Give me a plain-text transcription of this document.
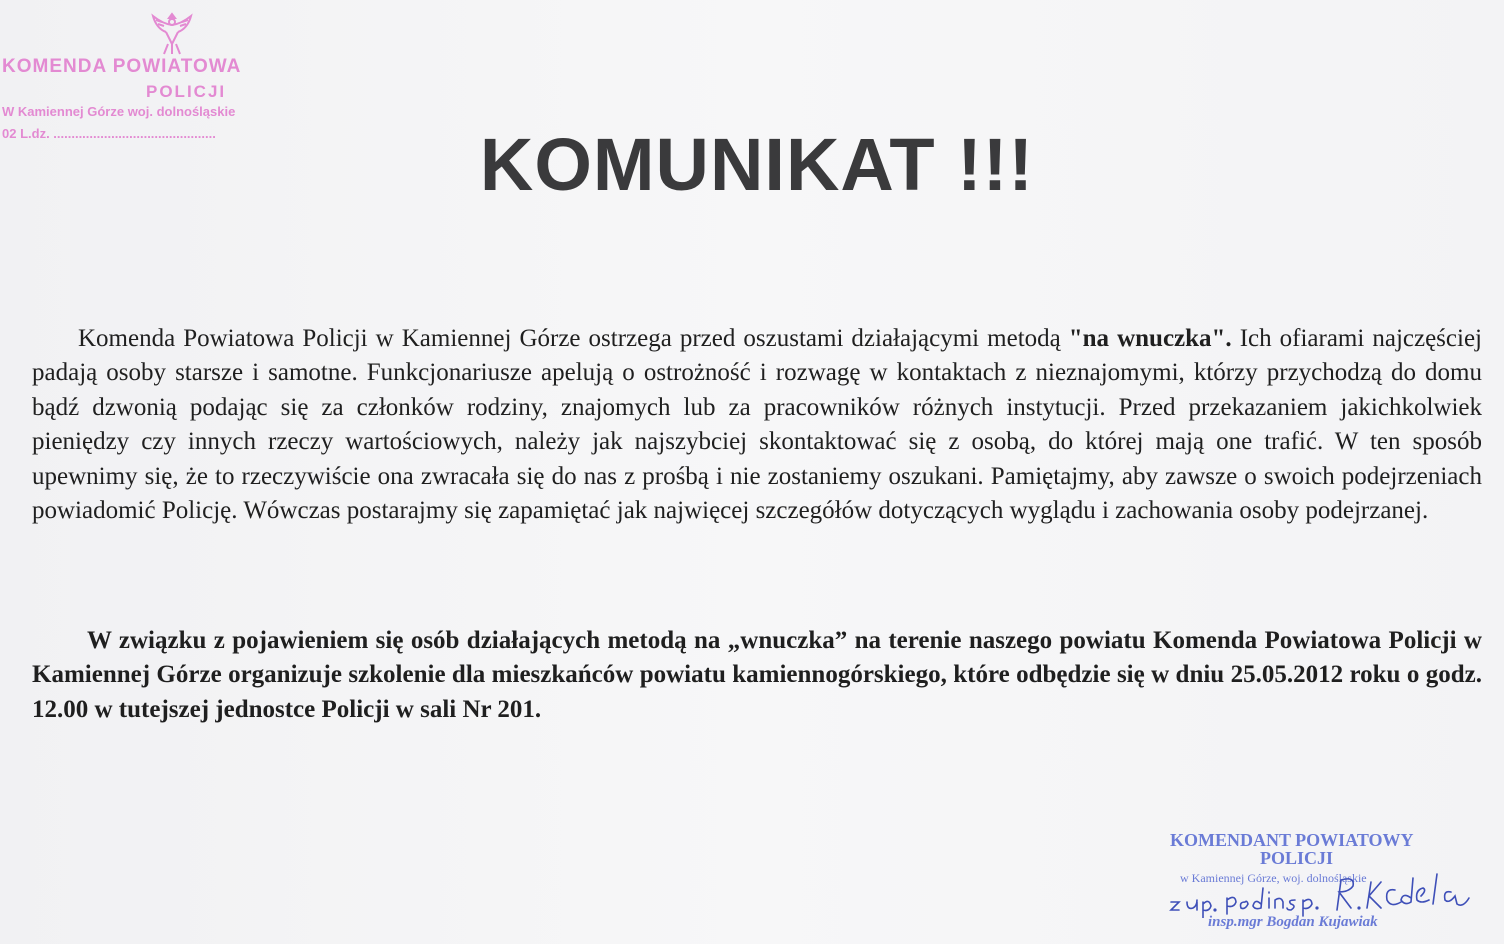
KOMENDA POWIATOWA
POLICJI
W Kamiennej Górze woj. dolnośląskie
02 L.dz. .............................................	KOMUNIKAT !!!

Komenda Powiatowa Policji w Kamiennej Górze ostrzega przed oszustami działającymi metodą "na wnuczka". Ich ofiarami najczęściej padają osoby starsze i samotne. Funkcjonariusze apelują o ostrożność i rozwagę w kontaktach z nieznajomymi, którzy przychodzą do domu bądź dzwonią podając się za członków rodziny, znajomych lub za pracowników różnych instytucji. Przed przekazaniem jakichkolwiek pieniędzy czy innych rzeczy wartościowych, należy jak najszybciej skontaktować się z osobą, do której mają one trafić. W ten sposób upewnimy się, że to rzeczywiście ona zwracała się do nas z prośbą i nie zostaniemy oszukani. Pamiętajmy, aby zawsze o swoich podejrzeniach powiadomić Policję. Wówczas postarajmy się zapamiętać jak najwięcej szczegółów dotyczących wyglądu i zachowania osoby podejrzanej.

W związku z pojawieniem się osób działających metodą na „wnuczka” na terenie naszego powiatu Komenda Powiatowa Policji w Kamiennej Górze organizuje szkolenie dla mieszkańców powiatu kamiennogórskiego, które odbędzie się w dniu 25.05.2012 roku o godz. 12.00 w tutejszej jednostce Policji w sali Nr 201.

KOMENDANT POWIATOWY
POLICJI
w Kamiennej Górze, woj. dolnośląskie
insp.mgr Bogdan Kujawiak
